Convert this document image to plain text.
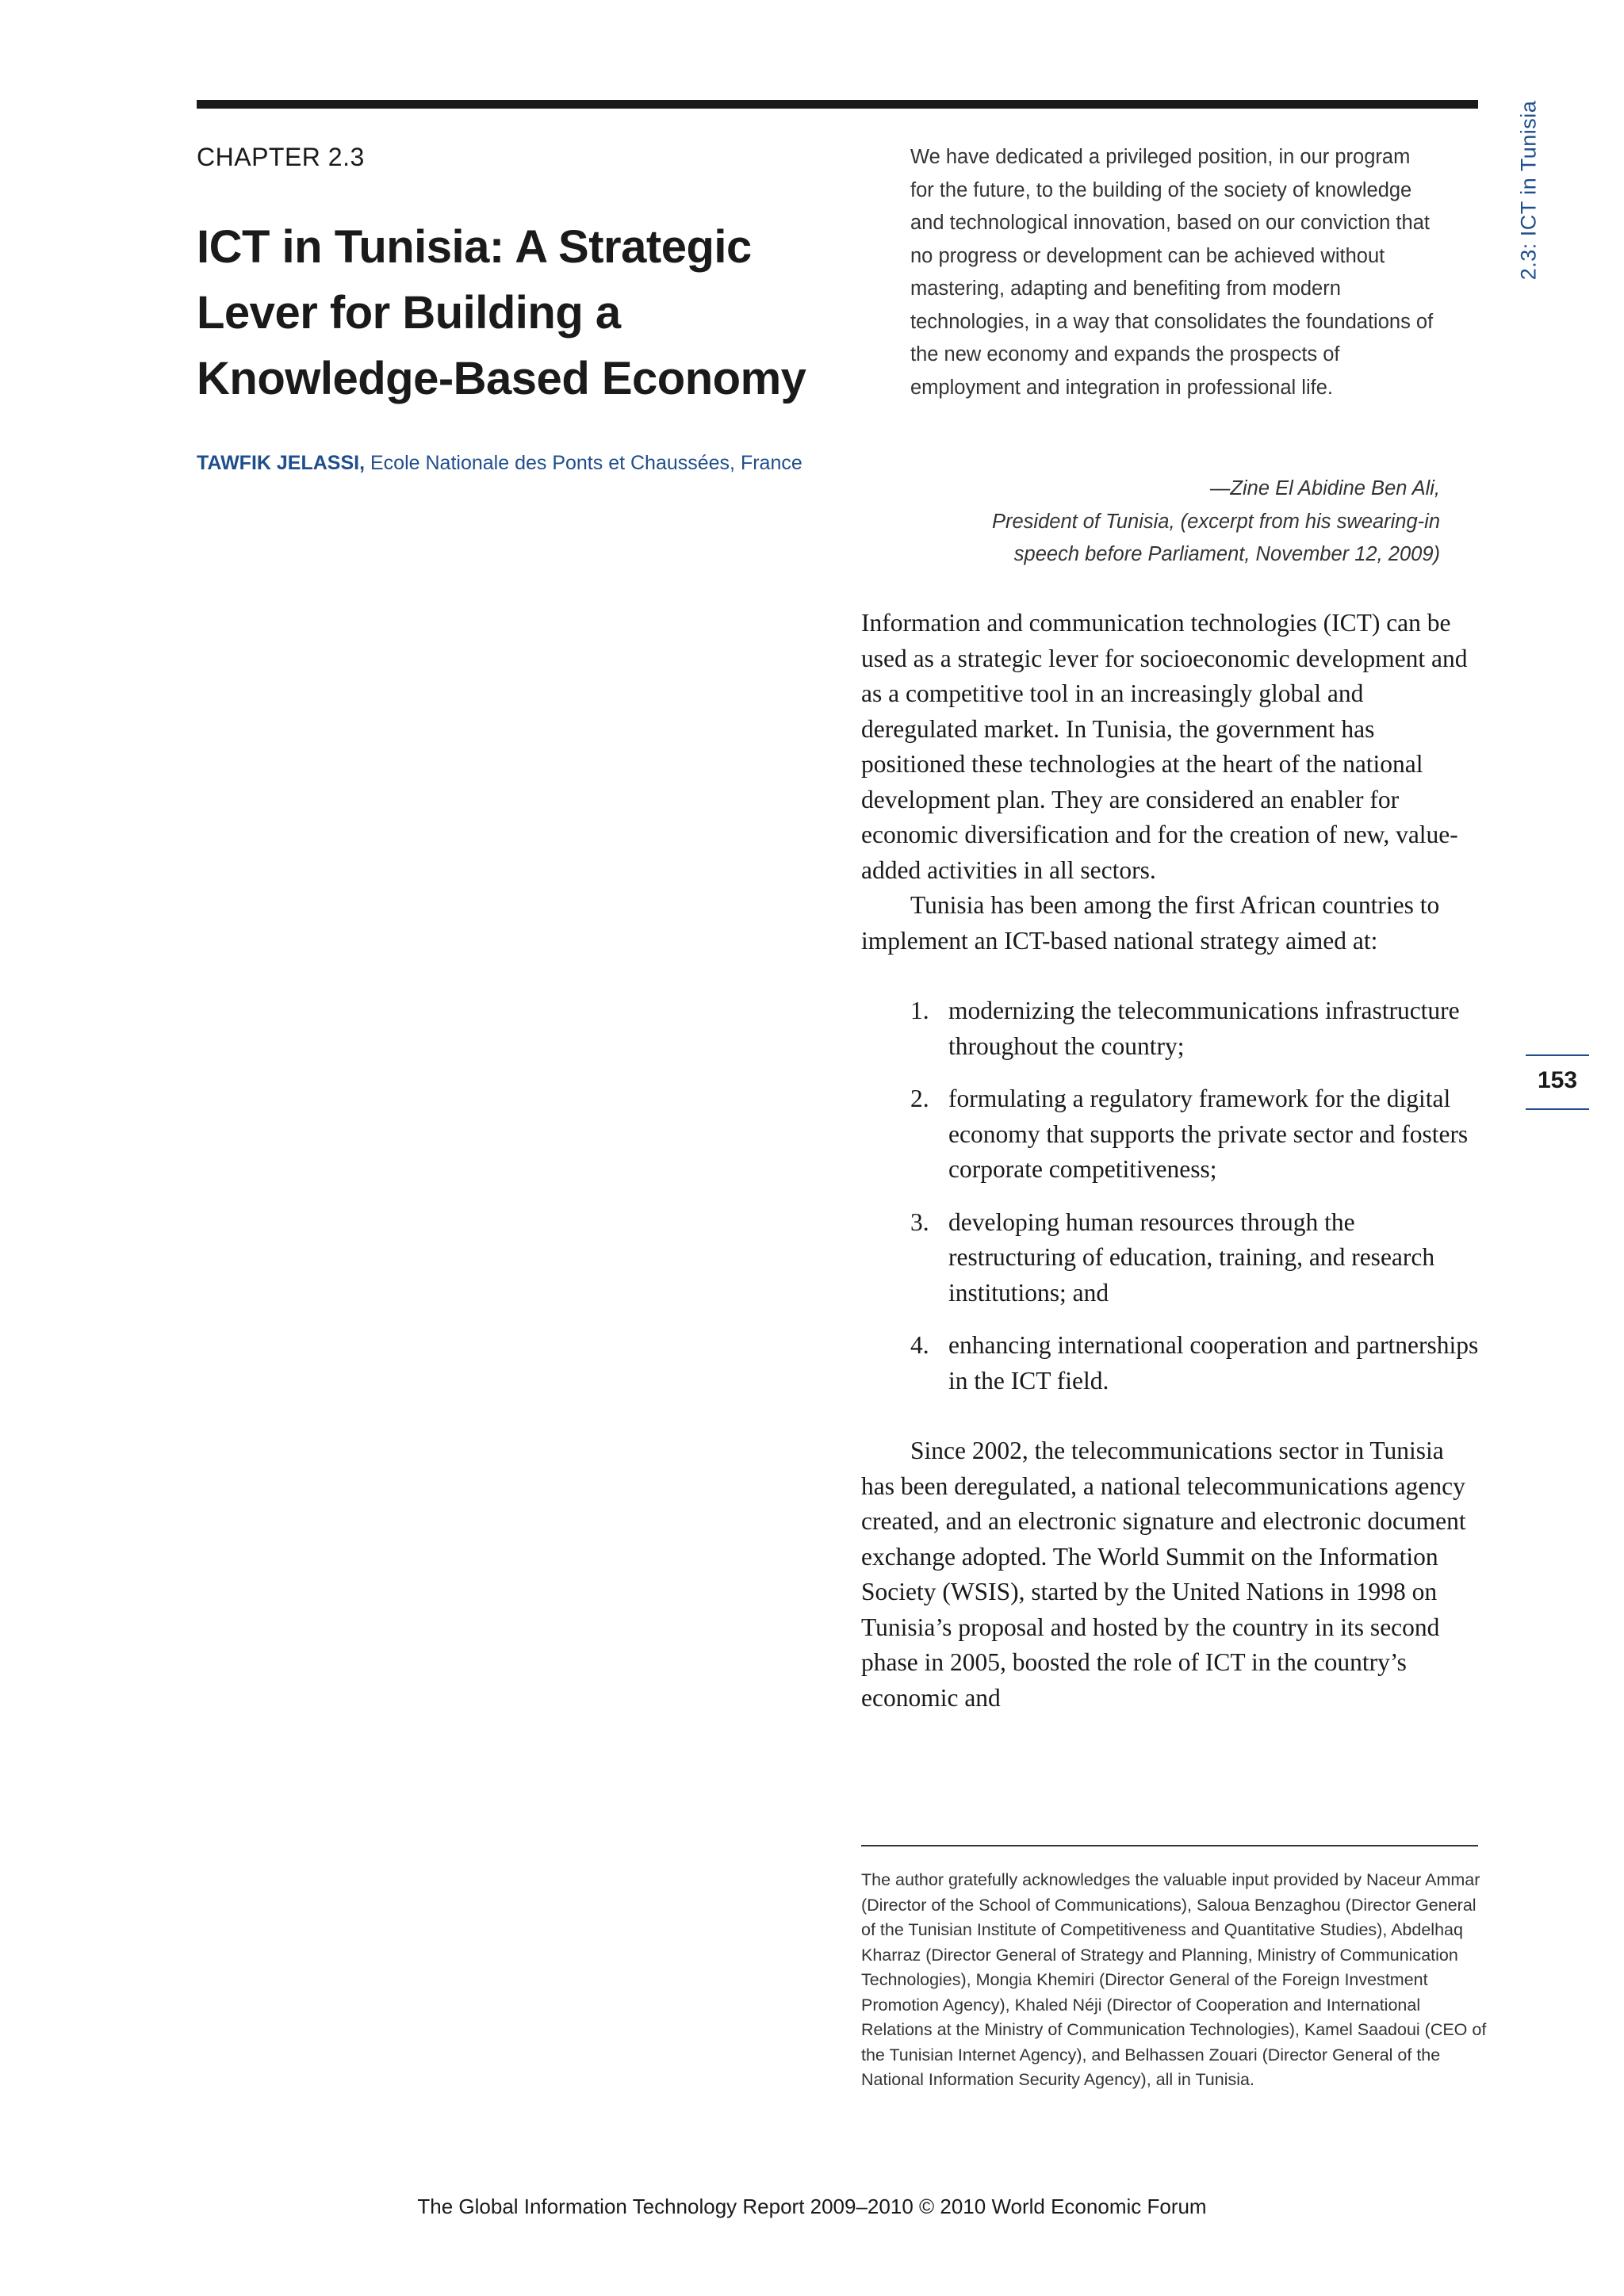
CHAPTER 2.3
ICT in Tunisia: A Strategic Lever for Building a Knowledge-Based Economy
TAWFIK JELASSI, Ecole Nationale des Ponts et Chaussées, France
We have dedicated a privileged position, in our program for the future, to the building of the society of knowledge and technological innovation, based on our conviction that no progress or development can be achieved without mastering, adapting and benefiting from modern technologies, in a way that consolidates the foundations of the new economy and expands the prospects of employment and integration in professional life.
—Zine El Abidine Ben Ali,
President of Tunisia, (excerpt from his swearing-in
speech before Parliament, November 12, 2009)

Information and communication technologies (ICT) can be used as a strategic lever for socioeconomic development and as a competitive tool in an increasingly global and deregulated market. In Tunisia, the government has positioned these technologies at the heart of the national development plan. They are considered an enabler for economic diversification and for the creation of new, value-added activities in all sectors.

Tunisia has been among the first African countries to implement an ICT-based national strategy aimed at:

1. modernizing the telecommunications infrastructure throughout the country;
2. formulating a regulatory framework for the digital economy that supports the private sector and fosters corporate competitiveness;
3. developing human resources through the restructuring of education, training, and research institutions; and
4. enhancing international cooperation and partnerships in the ICT field.

Since 2002, the telecommunications sector in Tunisia has been deregulated, a national telecommunications agency created, and an electronic signature and electronic document exchange adopted. The World Summit on the Information Society (WSIS), started by the United Nations in 1998 on Tunisia’s proposal and hosted by the country in its second phase in 2005, boosted the role of ICT in the country’s economic and

The author gratefully acknowledges the valuable input provided by Naceur Ammar (Director of the School of Communications), Saloua Benzaghou (Director General of the Tunisian Institute of Competitiveness and Quantitative Studies), Abdelhaq Kharraz (Director General of Strategy and Planning, Ministry of Communication Technologies), Mongia Khemiri (Director General of the Foreign Investment Promotion Agency), Khaled Néji (Director of Cooperation and International Relations at the Ministry of Communication Technologies), Kamel Saadoui (CEO of the Tunisian Internet Agency), and Belhassen Zouari (Director General of the National Information Security Agency), all in Tunisia.
2.3: ICT in Tunisia
153
The Global Information Technology Report 2009–2010 © 2010 World Economic Forum
